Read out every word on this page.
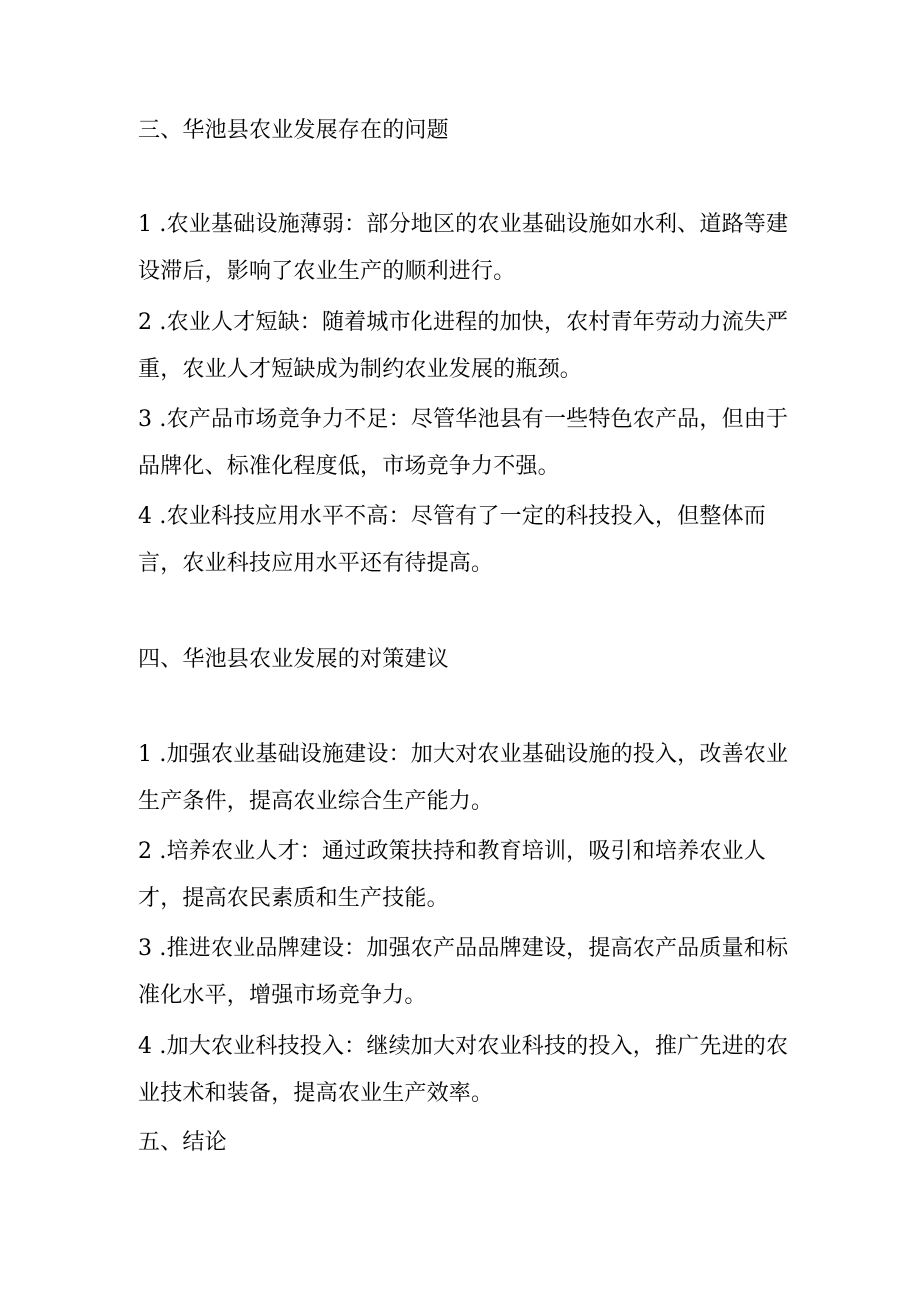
三、华池县农业发展存在的问题
1 .农业基础设施薄弱：部分地区的农业基础设施如水利、道路等建
设滞后，影响了农业生产的顺利进行。
2 .农业人才短缺：随着城市化进程的加快，农村青年劳动力流失严
重，农业人才短缺成为制约农业发展的瓶颈。
3 .农产品市场竞争力不足：尽管华池县有一些特色农产品，但由于
品牌化、标准化程度低，市场竞争力不强。
4 .农业科技应用水平不高：尽管有了一定的科技投入，但整体而
言，农业科技应用水平还有待提高。
四、华池县农业发展的对策建议
1 .加强农业基础设施建设：加大对农业基础设施的投入，改善农业
生产条件，提高农业综合生产能力。
2 .培养农业人才：通过政策扶持和教育培训，吸引和培养农业人
才，提高农民素质和生产技能。
3 .推进农业品牌建设：加强农产品品牌建设，提高农产品质量和标
准化水平，增强市场竞争力。
4 .加大农业科技投入：继续加大对农业科技的投入，推广先进的农
业技术和装备，提高农业生产效率。
五、结论
